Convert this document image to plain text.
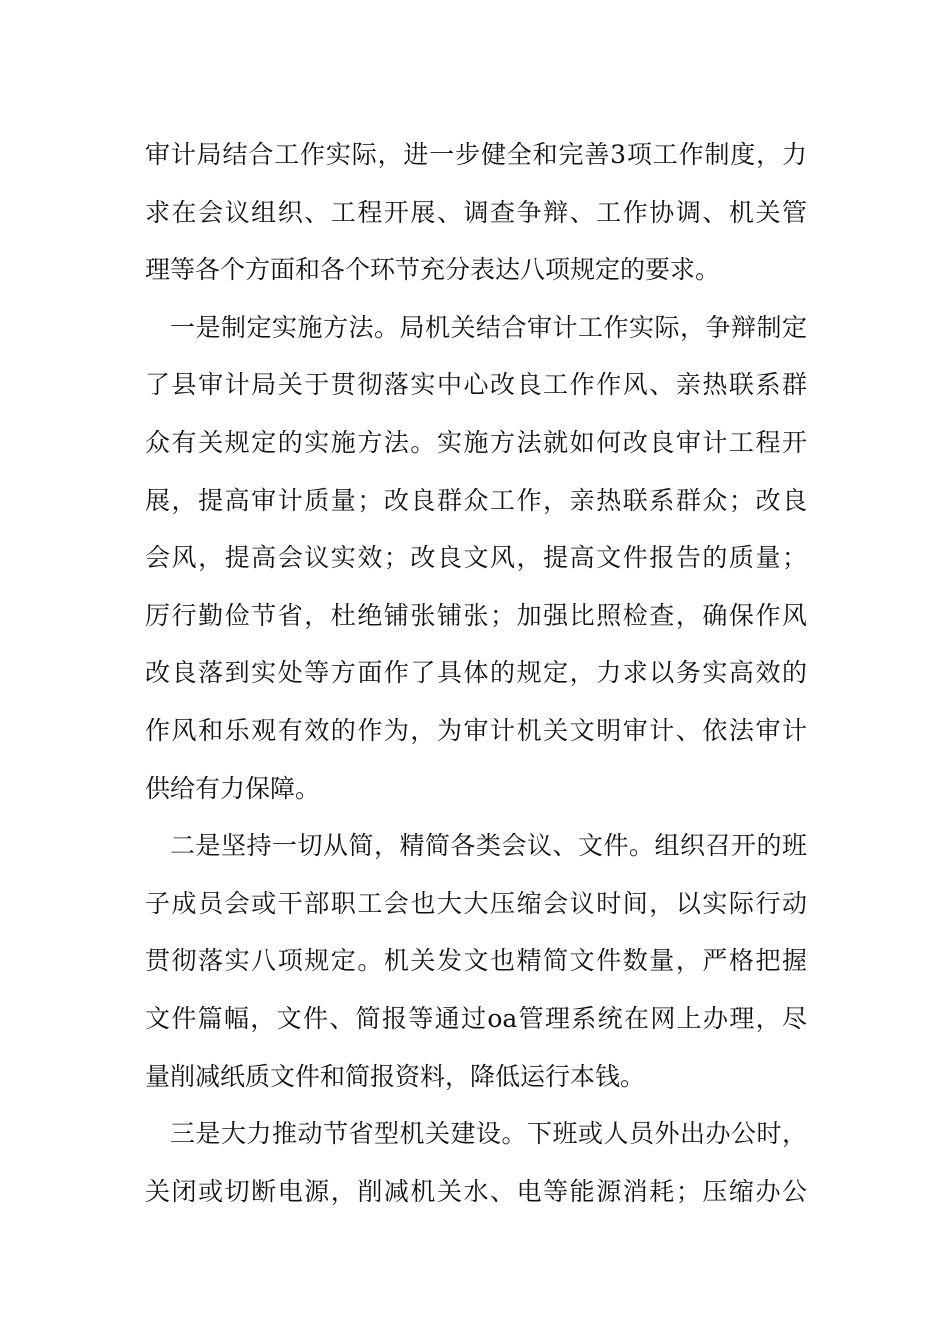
审计局结合工作实际，进一步健全和完善3项工作制度，力
求在会议组织、工程开展、调查争辩、工作协调、机关管
理等各个方面和各个环节充分表达八项规定的要求。
一是制定实施方法。局机关结合审计工作实际，争辩制定
了县审计局关于贯彻落实中心改良工作作风、亲热联系群
众有关规定的实施方法。实施方法就如何改良审计工程开
展，提高审计质量；改良群众工作，亲热联系群众；改良
会风，提高会议实效；改良文风，提高文件报告的质量；
厉行勤俭节省，杜绝铺张铺张；加强比照检查，确保作风
改良落到实处等方面作了具体的规定，力求以务实高效的
作风和乐观有效的作为，为审计机关文明审计、依法审计
供给有力保障。
二是坚持一切从简，精简各类会议、文件。组织召开的班
子成员会或干部职工会也大大压缩会议时间，以实际行动
贯彻落实八项规定。机关发文也精简文件数量，严格把握
文件篇幅，文件、简报等通过oa管理系统在网上办理，尽
量削减纸质文件和简报资料，降低运行本钱。
三是大力推动节省型机关建设。下班或人员外出办公时，
关闭或切断电源，削减机关水、电等能源消耗；压缩办公
